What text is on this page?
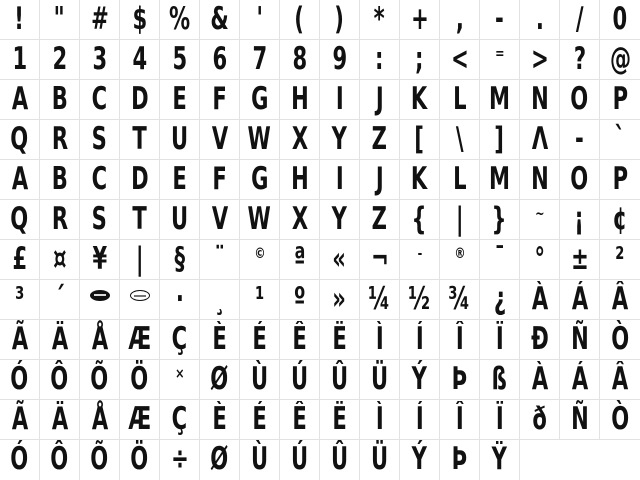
! " # $ % & ' ( ) * + , - . / 0
1 2 3 4 5 6 7 8 9 : ; < = > ? @
A B C D E F G H I J K L M N O P
Q R S T U V W X Y Z [ \ ] Λ - `
A B C D E F G H I J K L M N O P
Q R S T U V W X Y Z { | } ~ ¡ ¢
£ ¤ ¥ | § ¨ © ª « ¬ - ® ¯ ° ± ²
³ ´	· ¸ ¹ º » ¼ ½ ¾ ¿ À Á Â
Ã Ä Å Æ Ç È É Ê Ë Ì Í Î Ï Ð Ñ Ò
Ó Ô Õ Ö × Ø Ù Ú Û Ü Ý Þ ß À Á Â
Ã Ä Å Æ Ç È É Ê Ë Ì Í Î Ï ð Ñ Ò
Ó Ô Õ Ö ÷ Ø Ù Ú Û Ü Ý Þ Ÿ
